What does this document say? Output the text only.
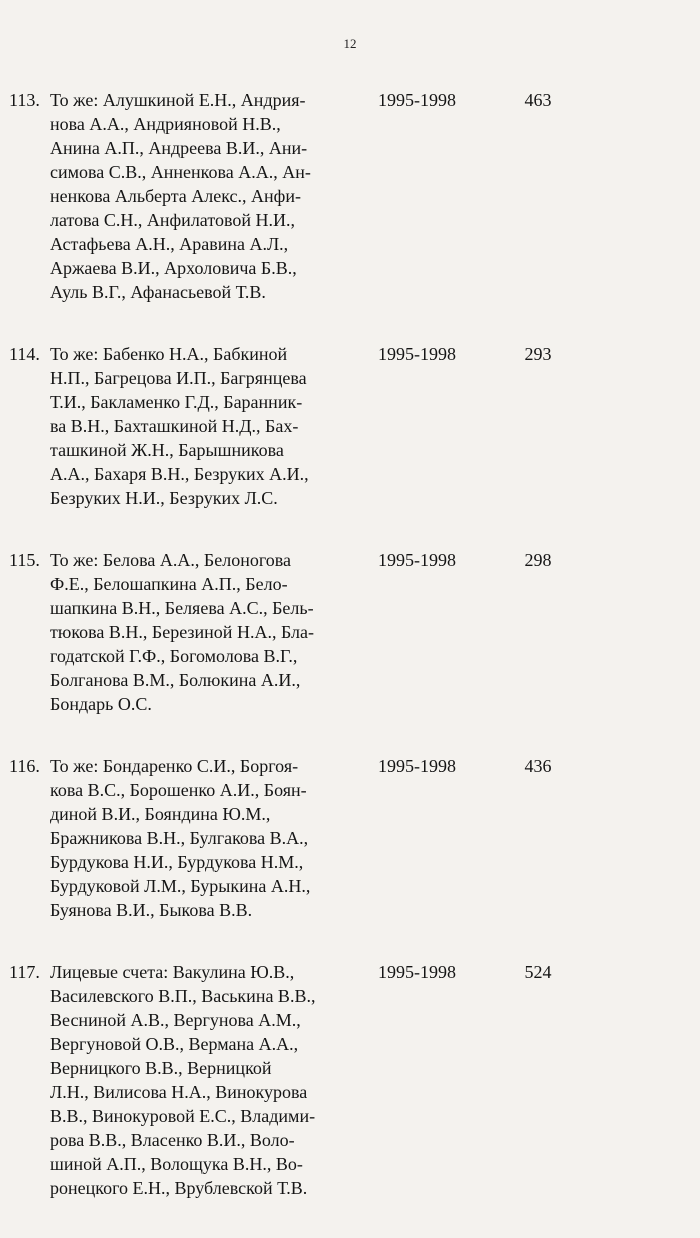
12
113. То же: Алушкиной Е.Н., Андрия-
нова А.А., Андрияновой Н.В.,
Анина А.П., Андреева В.И., Ани-
симова С.В., Анненкова А.А., Ан-
ненкова Альберта Алекс., Анфи-
латова С.Н., Анфилатовой Н.И.,
Астафьева А.Н., Аравина А.Л.,
Аржаева В.И., Архоловича Б.В.,
Ауль В.Г., Афанасьевой Т.В.
1995-1998	463
114. То же: Бабенко Н.А., Бабкиной
Н.П., Багрецова И.П., Багрянцева
Т.И., Бакламенко Г.Д., Баранник-
ва В.Н., Бахташкиной Н.Д., Бах-
ташкиной Ж.Н., Барышникова
А.А., Бахаря В.Н., Безруких А.И.,
Безруких Н.И., Безруких Л.С.
1995-1998	293
115. То же: Белова А.А., Белоногова
Ф.Е., Белошапкина А.П., Бело-
шапкина В.Н., Беляева А.С., Бель-
тюкова В.Н., Березиной Н.А., Бла-
годатской Г.Ф., Богомолова В.Г.,
Болганова В.М., Болюкина А.И.,
Бондарь О.С.
1995-1998	298
116. То же: Бондаренко С.И., Боргоя-
кова В.С., Борошенко А.И., Боян-
диной В.И., Бояндина Ю.М.,
Бражникова В.Н., Булгакова В.А.,
Бурдукова Н.И., Бурдукова Н.М.,
Бурдуковой Л.М., Бурыкина А.Н.,
Буянова В.И., Быкова В.В.
1995-1998	436
117. Лицевые счета: Вакулина Ю.В.,
Василевского В.П., Васькина В.В.,
Весниной А.В., Вергунова А.М.,
Вергуновой О.В., Вермана А.А.,
Верницкого В.В., Верницкой
Л.Н., Вилисова Н.А., Винокурова
В.В., Винокуровой Е.С., Владими-
рова В.В., Власенко В.И., Воло-
шиной А.П., Волощука В.Н., Во-
ронецкого Е.Н., Врублевской Т.В.
1995-1998	524
